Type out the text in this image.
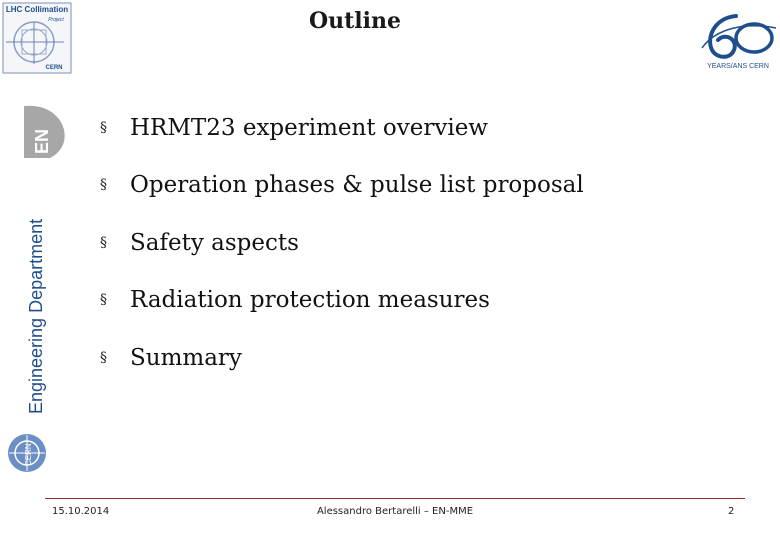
LHC Collimation
Project
CERN
Outline
YEARS/ANS CERN
Engineering Department
EN
CERN
§	HRMT23 experiment overview
§	Operation phases & pulse list proposal
§	Safety aspects
§	Radiation protection measures
§	Summary
15.10.2014	Alessandro Bertarelli – EN-MME	2
